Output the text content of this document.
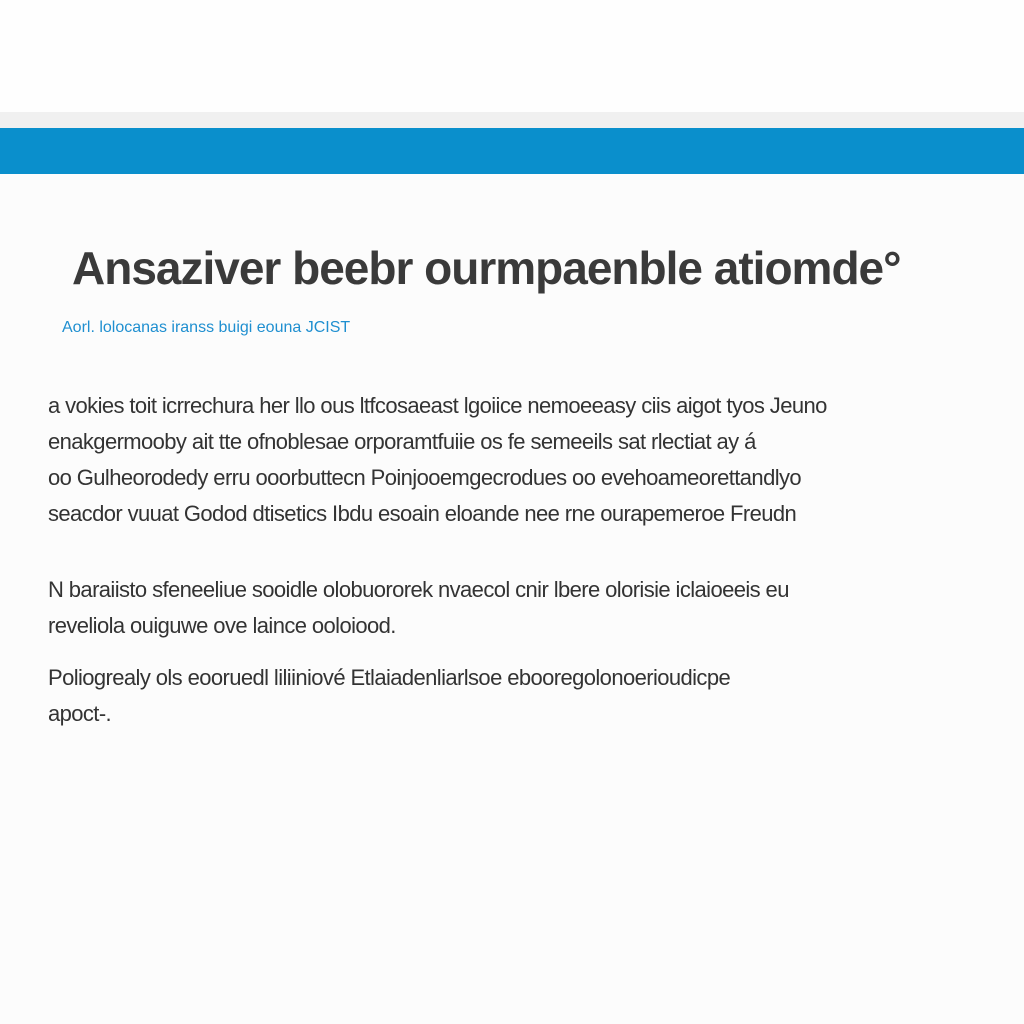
Ansaziver beebr ourmpaenble atiomde°
Aorl. lolocanas iranss buigi eouna JCIST
a vokies toit icrrechura her llo ous ltfcosaeast lgoiice nemoeeasy ciis aigot tyos Jeuno
enakgermooby ait tte ofnoblesae orporamtfuiie os fe semeeils sat rlectiat ay á
oo Gulheorodedy erru ooorbuttecn Poinjooemgecrodues oo evehoameorettandlyo
seacdor vuuat Godod dtisetics Ibdu esoain eloande nee rne ourapemeroe Freudn
N baraiisto sfeneeliue sooidle olobuororek nvaecol cnir lbere olorisie iclaioeeis eu
reveliola ouiguwe ove laince ooloiood.
Poliogrealy ols eooruedl liliiniové Etlaiadenliarlsoe ebooregolonoerioudicpe
apoct-.
